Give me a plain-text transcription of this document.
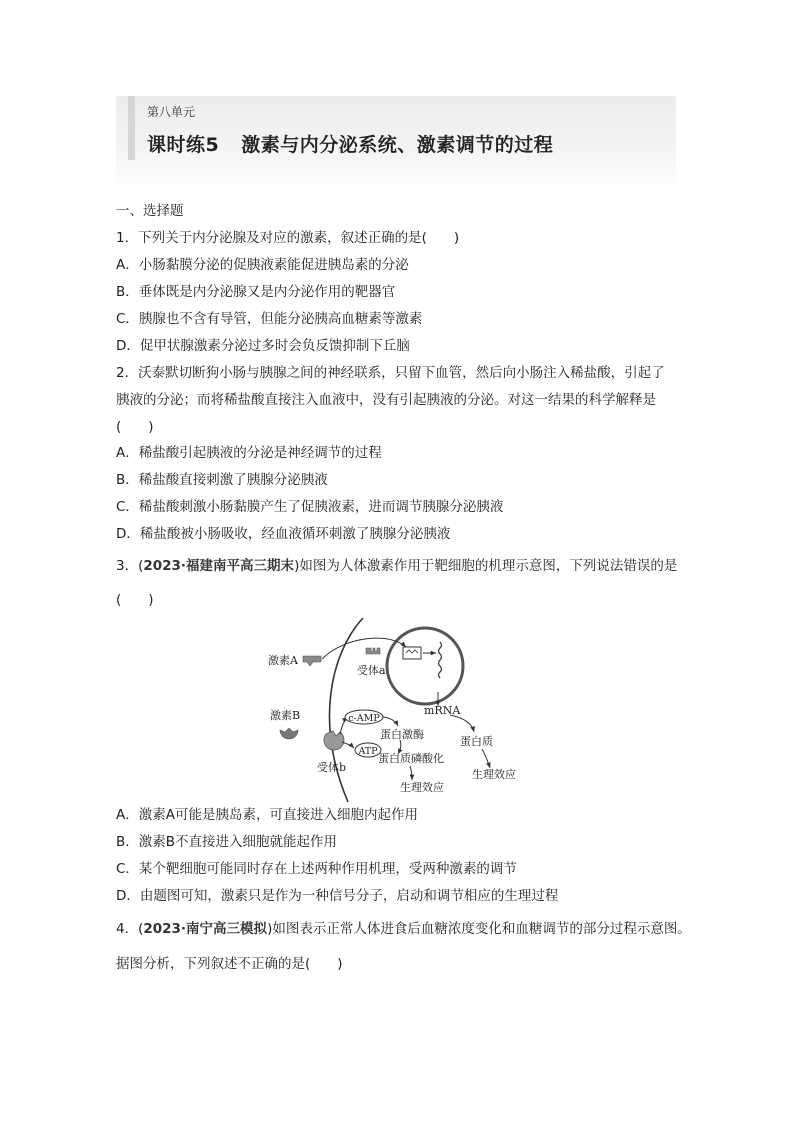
第八单元
课时练5 激素与内分泌系统、激素调节的过程
一、选择题
1．下列关于内分泌腺及对应的激素，叙述正确的是(　　)
A．小肠黏膜分泌的促胰液素能促进胰岛素的分泌
B．垂体既是内分泌腺又是内分泌作用的靶器官
C．胰腺也不含有导管，但能分泌胰高血糖素等激素
D．促甲状腺激素分泌过多时会负反馈抑制下丘脑
2．沃泰默切断狗小肠与胰腺之间的神经联系，只留下血管，然后向小肠注入稀盐酸，引起了
胰液的分泌；而将稀盐酸直接注入血液中，没有引起胰液的分泌。对这一结果的科学解释是
(　　)
A．稀盐酸引起胰液的分泌是神经调节的过程
B．稀盐酸直接刺激了胰腺分泌胰液
C．稀盐酸刺激小肠黏膜产生了促胰液素，进而调节胰腺分泌胰液
D．稀盐酸被小肠吸收，经血液循环刺激了胰腺分泌胰液
3．(2023·福建南平高三期末)如图为人体激素作用于靶细胞的机理示意图，下列说法错误的是
(　　)
激素A
受体a
mRNA
蛋白质
生理效应
激素B
受体b
c-AMP
蛋白激酶
ATP
蛋白质磷酸化
生理效应
A．激素A可能是胰岛素，可直接进入细胞内起作用
B．激素B不直接进入细胞就能起作用
C．某个靶细胞可能同时存在上述两种作用机理，受两种激素的调节
D．由题图可知，激素只是作为一种信号分子，启动和调节相应的生理过程
4．(2023·南宁高三模拟)如图表示正常人体进食后血糖浓度变化和血糖调节的部分过程示意图。
据图分析，下列叙述不正确的是(　　)
